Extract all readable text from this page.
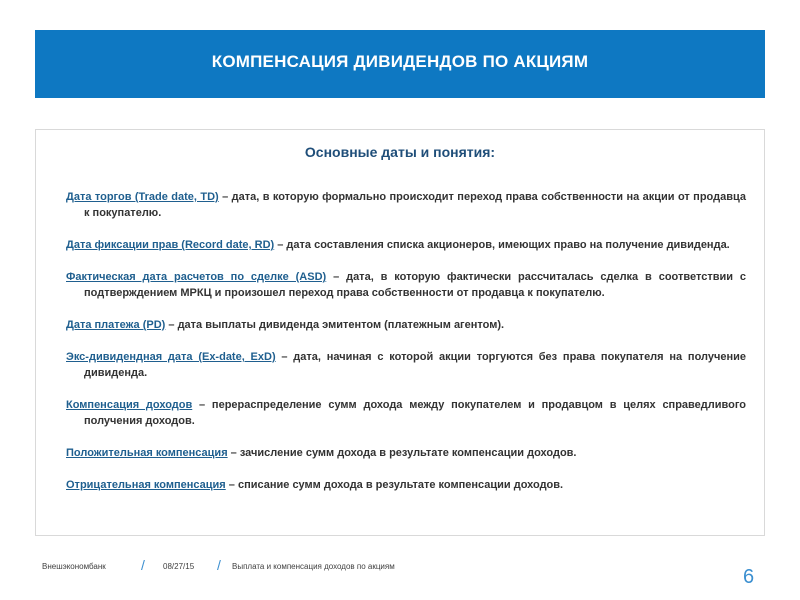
КОМПЕНСАЦИЯ ДИВИДЕНДОВ ПО АКЦИЯМ
Основные даты и понятия:
Дата торгов (Trade date, TD) – дата, в которую формально происходит переход права собственности на акции от продавца к покупателю.
Дата фиксации прав (Record date, RD) – дата составления списка акционеров, имеющих право на получение дивиденда.
Фактическая дата расчетов по сделке (ASD) – дата, в которую фактически рассчиталась сделка в соответствии с подтверждением МРКЦ и произошел переход права собственности от продавца к покупателю.
Дата платежа (PD) – дата выплаты дивиденда эмитентом (платежным агентом).
Экс-дивидендная дата (Ex-date, ExD) – дата, начиная с которой акции торгуются без права покупателя на получение дивиденда.
Компенсация доходов – перераспределение сумм дохода между покупателем и продавцом в целях справедливого получения доходов.
Положительная компенсация – зачисление сумм дохода в результате компенсации доходов.
Отрицательная компенсация – списание сумм дохода в результате компенсации доходов.
Внешэкономбанк	/ 08/27/15 / Выплата и компенсация доходов по акциям	6
